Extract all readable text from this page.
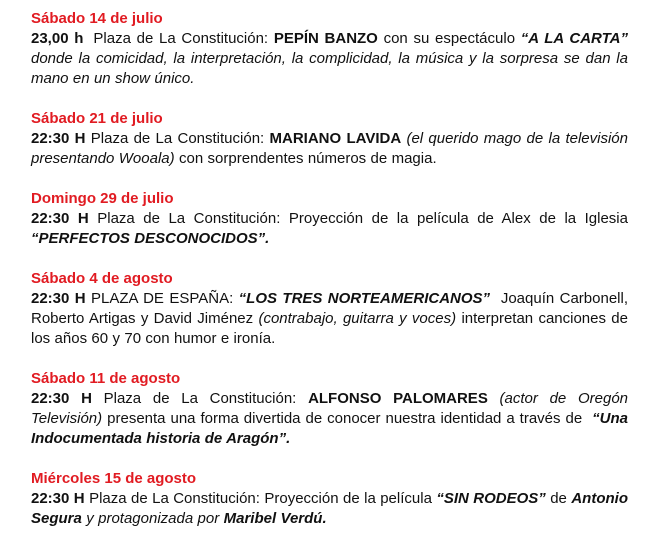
Sábado 14 de julio
23,00 h Plaza de La Constitución: PEPÍN BANZO con su espectáculo “A LA CARTA” donde la comicidad, la interpretación, la complicidad, la música y la sorpresa se dan la mano en un show único.
Sábado 21 de julio
22:30 H Plaza de La Constitución: MARIANO LAVIDA (el querido mago de la televisión presentando Wooala) con sorprendentes números de magia.
Domingo 29 de julio
22:30 H Plaza de La Constitución: Proyección de la película de Alex de la Iglesia “PERFECTOS DESCONOCIDOS”.
Sábado 4 de agosto
22:30 H PLAZA DE ESPAÑA: “LOS TRES NORTEAMERICANOS” Joaquín Carbonell, Roberto Artigas y David Jiménez (contrabajo, guitarra y voces) interpretan canciones de los años 60 y 70 con humor e ironía.
Sábado 11 de agosto
22:30 H Plaza de La Constitución: ALFONSO PALOMARES (actor de Oregón Televisión) presenta una forma divertida de conocer nuestra identidad a través de “Una Indocumentada historia de Aragón”.
Miércoles 15 de agosto
22:30 H Plaza de La Constitución: Proyección de la película “SIN RODEOS” de Antonio Segura y protagonizada por Maribel Verdú.
